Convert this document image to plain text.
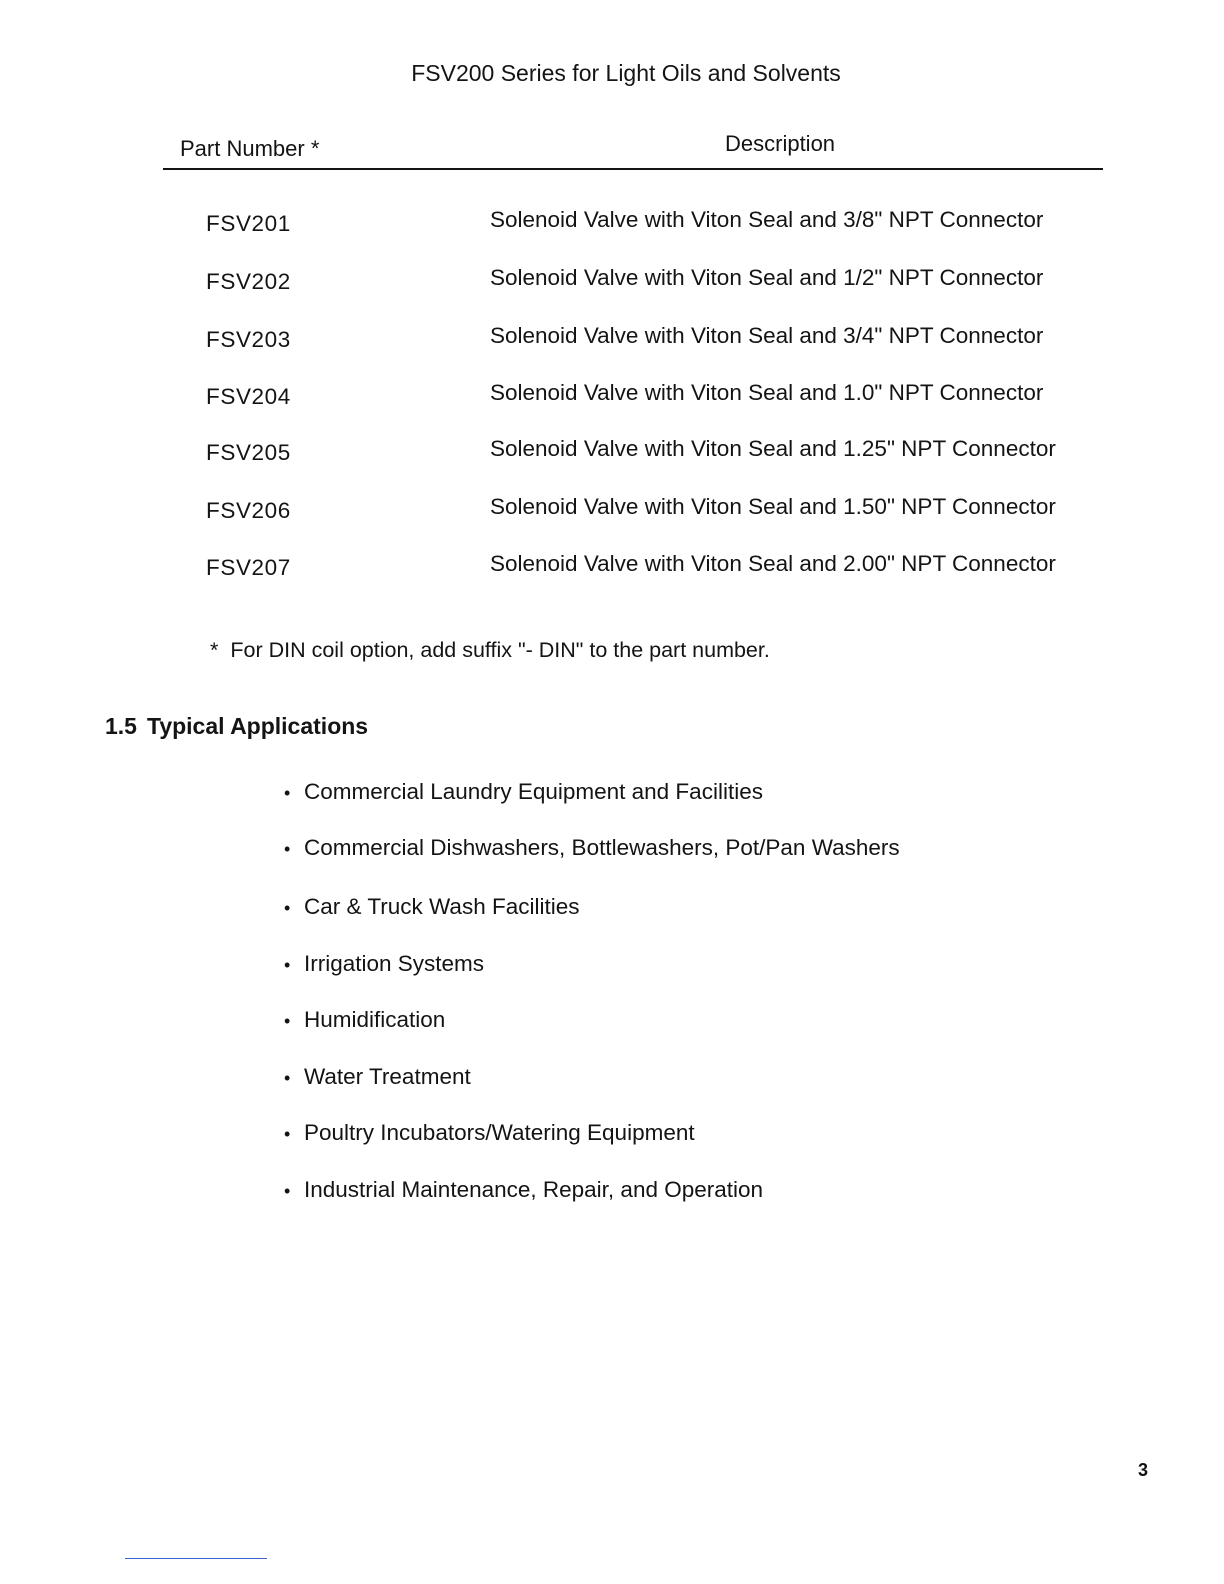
FSV200 Series for Light Oils and Solvents
Part Number *	Description
FSV201	Solenoid Valve with Viton Seal and 3/8" NPT Connector
FSV202	Solenoid Valve with Viton Seal and 1/2" NPT Connector
FSV203	Solenoid Valve with Viton Seal and 3/4" NPT Connector
FSV204	Solenoid Valve with Viton Seal and 1.0" NPT Connector
FSV205	Solenoid Valve with Viton Seal and 1.25" NPT Connector
FSV206	Solenoid Valve with Viton Seal and 1.50" NPT Connector
FSV207	Solenoid Valve with Viton Seal and 2.00" NPT Connector
* For DIN coil option, add suffix "- DIN" to the part number.
1.5 Typical Applications
• Commercial Laundry Equipment and Facilities
• Commercial Dishwashers, Bottlewashers, Pot/Pan Washers
• Car & Truck Wash Facilities
• Irrigation Systems
• Humidification
• Water Treatment
• Poultry Incubators/Watering Equipment
• Industrial Maintenance, Repair, and Operation
3
